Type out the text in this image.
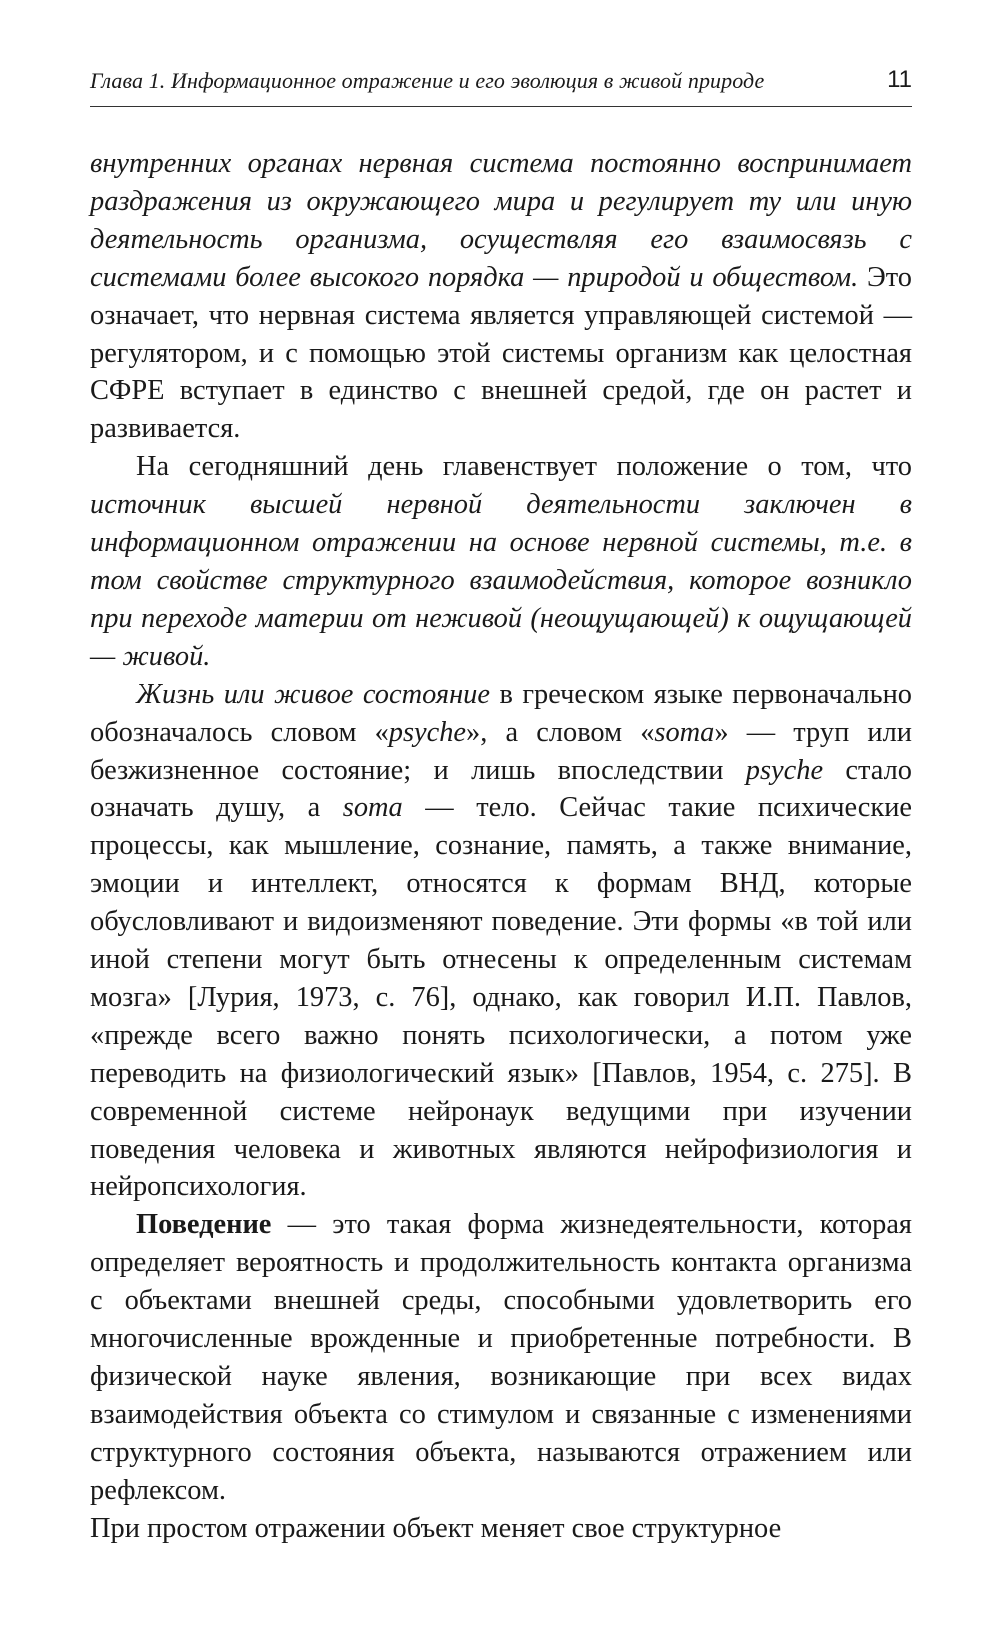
Глава 1. Информационное отражение и его эволюция в живой природе	11

внутренних органах нервная система постоянно воспринимает раздражения из окружающего мира и регулирует ту или иную деятельность организма, осуществляя его взаимосвязь с системами более высокого порядка — природой и обществом. Это означает, что нервная система является управляющей системой — регулятором, и с помощью этой системы организм как целостная СФРЕ вступает в единство с внешней средой, где он растет и развивается.

На сегодняшний день главенствует положение о том, что источник высшей нервной деятельности заключен в информационном отражении на основе нервной системы, т.е. в том свойстве структурного взаимодействия, которое возникло при переходе материи от неживой (неощущающей) к ощущающей — живой.

Жизнь или живое состояние в греческом языке первоначально обозначалось словом «psyche», а словом «soma» — труп или безжизненное состояние; и лишь впоследствии psyche стало означать душу, а soma — тело. Сейчас такие психические процессы, как мышление, сознание, память, а также внимание, эмоции и интеллект, относятся к формам ВНД, которые обусловливают и видоизменяют поведение. Эти формы «в той или иной степени могут быть отнесены к определенным системам мозга» [Лурия, 1973, с. 76], однако, как говорил И.П. Павлов, «прежде всего важно понять психологически, а потом уже переводить на физиологический язык» [Павлов, 1954, с. 275]. В современной системе нейронаук ведущими при изучении поведения человека и животных являются нейрофизиология и нейропсихология.

Поведение — это такая форма жизнедеятельности, которая определяет вероятность и продолжительность контакта организма с объектами внешней среды, способными удовлетворить его многочисленные врожденные и приобретенные потребности. В физической науке явления, возникающие при всех видах взаимодействия объекта со стимулом и связанные с изменениями структурного состояния объекта, называются отражением или рефлексом.

При простом отражении объект меняет свое структурное
